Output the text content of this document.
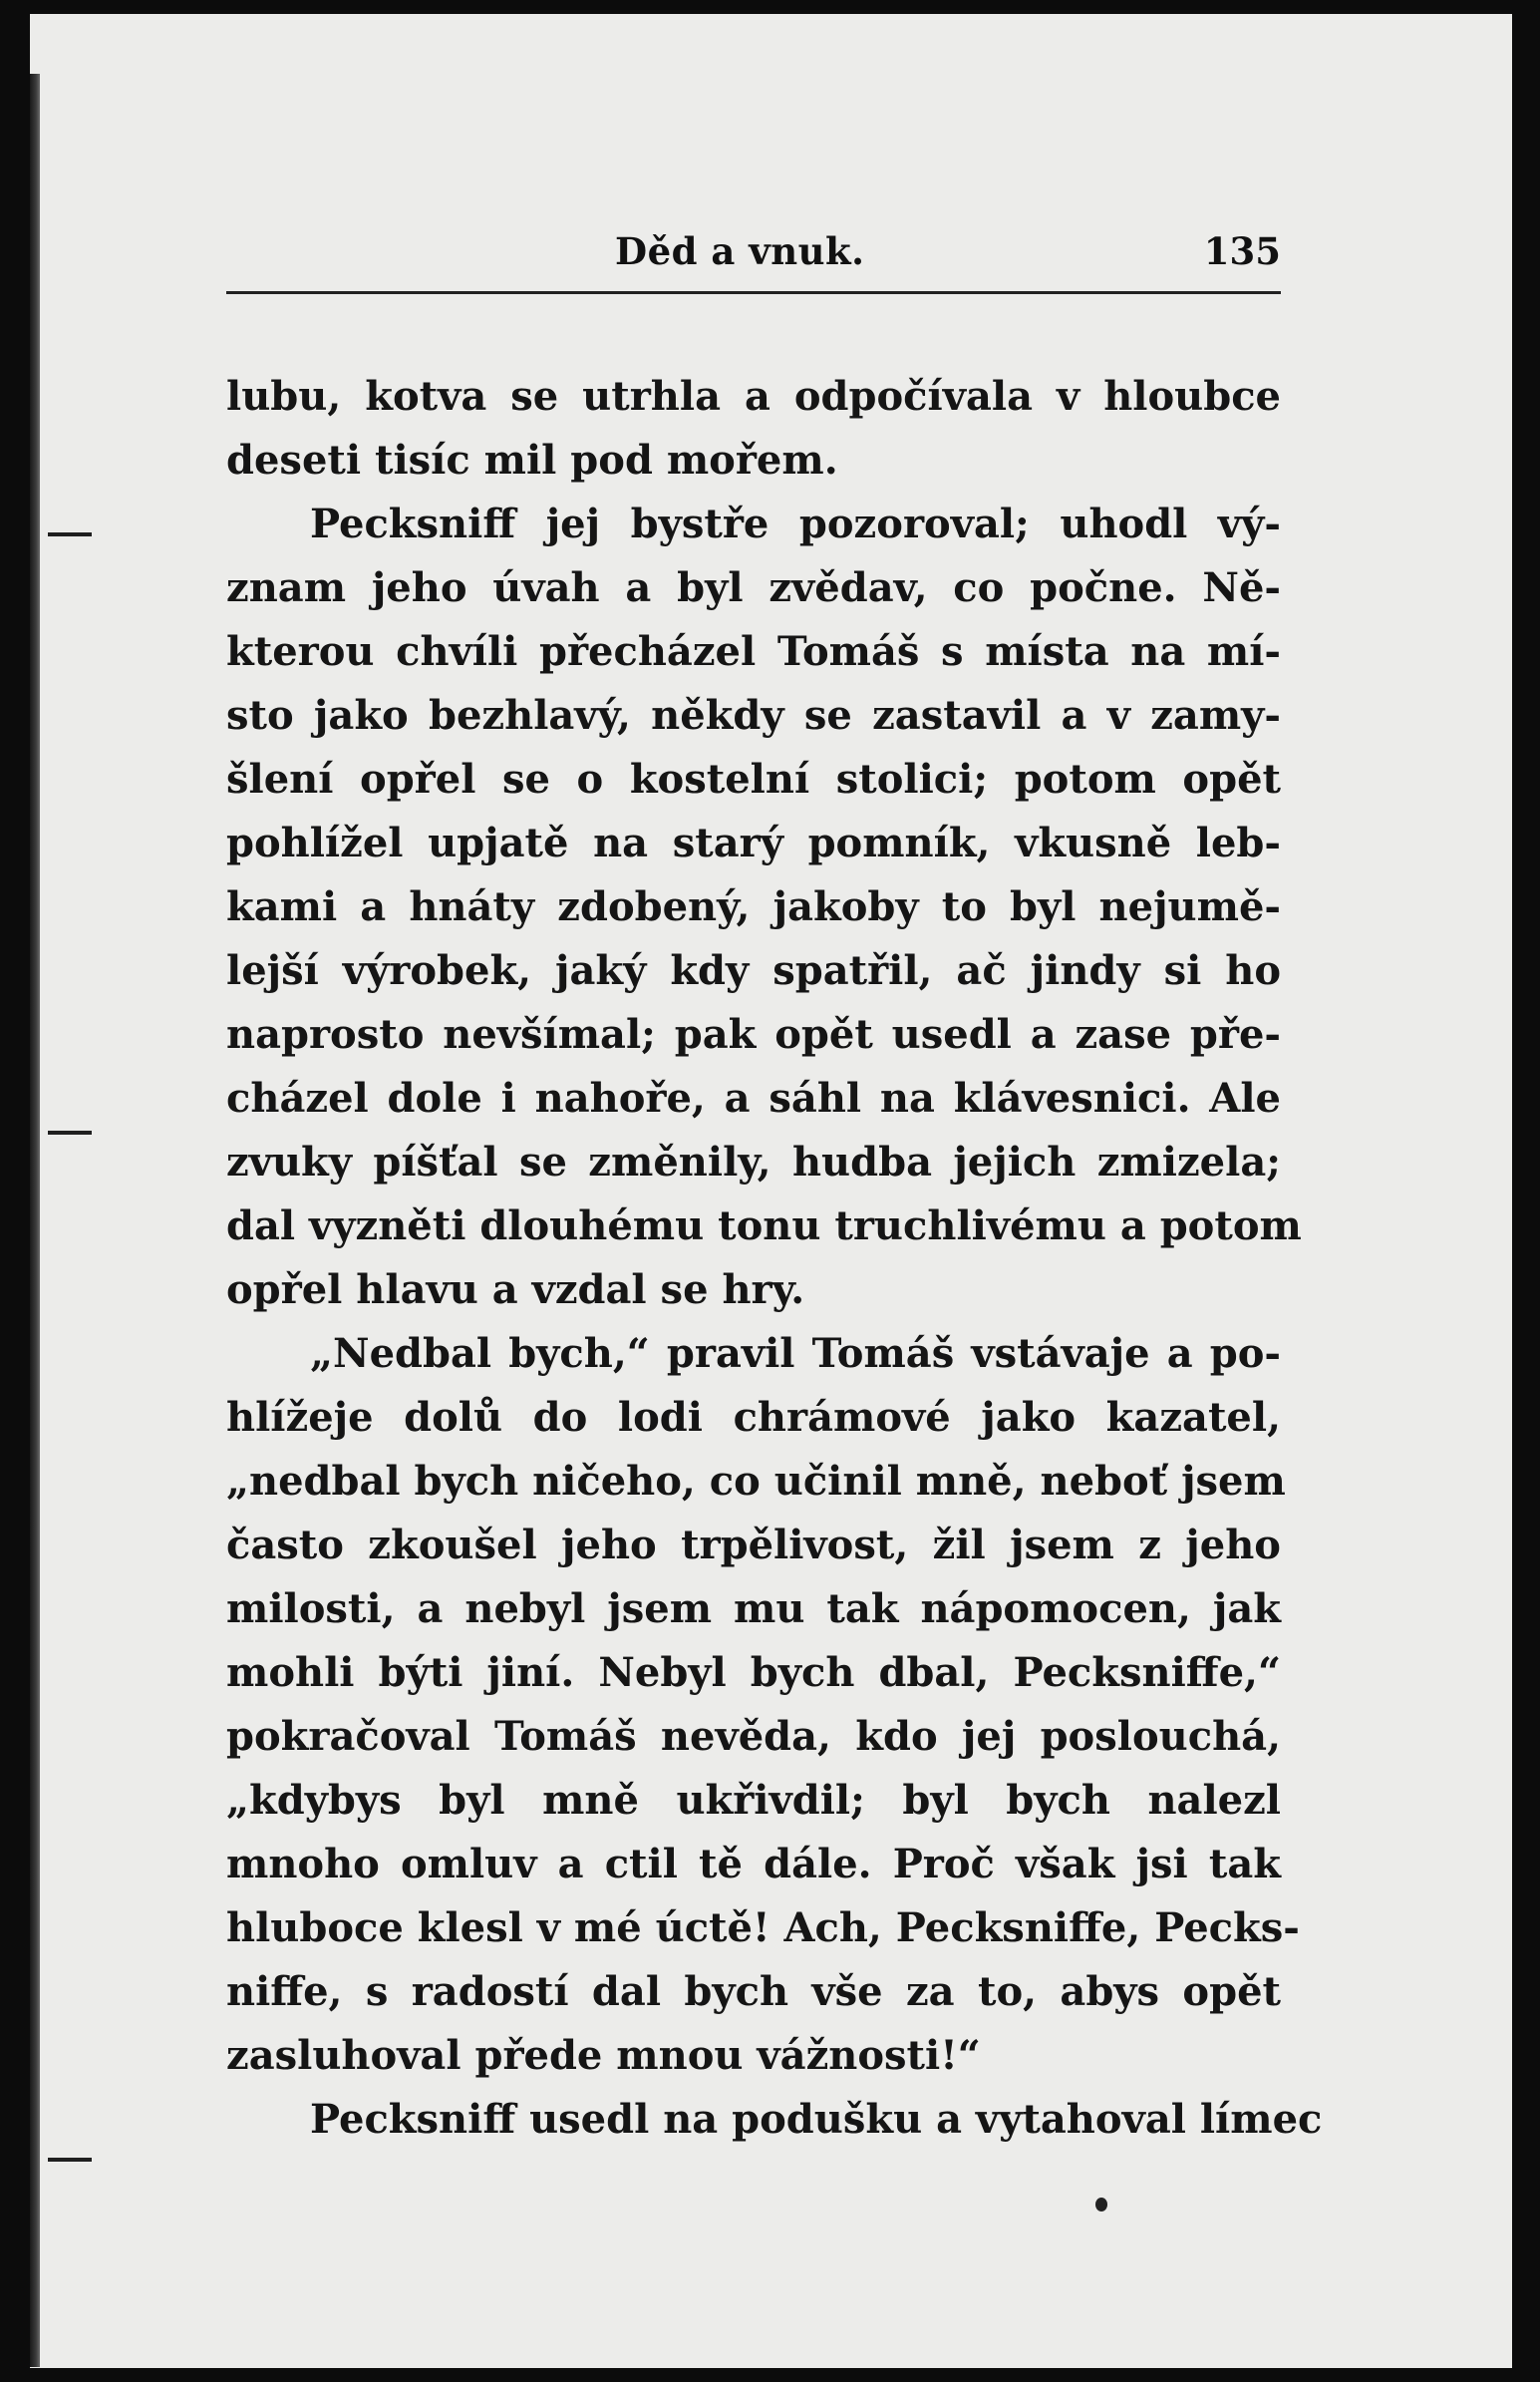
Děd a vnuk.	135
lubu, kotva se utrhla a odpočívala v hloubce
deseti tisíc mil pod mořem.
Pecksniff jej bystře pozoroval; uhodl vý-
znam jeho úvah a byl zvědav, co počne. Ně-
kterou chvíli přecházel Tomáš s místa na mí-
sto jako bezhlavý, někdy se zastavil a v zamy-
šlení opřel se o kostelní stolici; potom opět
pohlížel upjatě na starý pomník, vkusně leb-
kami a hnáty zdobený, jakoby to byl nejumě-
lejší výrobek, jaký kdy spatřil, ač jindy si ho
naprosto nevšímal; pak opět usedl a zase pře-
cházel dole i nahoře, a sáhl na klávesnici. Ale
zvuky píšťal se změnily, hudba jejich zmizela;
dal vyzněti dlouhému tonu truchlivému a potom
opřel hlavu a vzdal se hry.
„Nedbal bych,“ pravil Tomáš vstávaje a po-
hlížeje dolů do lodi chrámové jako kazatel,
„nedbal bych ničeho, co učinil mně, neboť jsem
často zkoušel jeho trpělivost, žil jsem z jeho
milosti, a nebyl jsem mu tak nápomocen, jak
mohli býti jiní. Nebyl bych dbal, Pecksniffe,“
pokračoval Tomáš nevěda, kdo jej poslouchá,
„kdybys byl mně ukřivdil; byl bych nalezl
mnoho omluv a ctil tě dále. Proč však jsi tak
hluboce klesl v mé úctě! Ach, Pecksniffe, Pecks-
niffe, s radostí dal bych vše za to, abys opět
zasluhoval přede mnou vážnosti!“
Pecksniff usedl na podušku a vytahoval límec
